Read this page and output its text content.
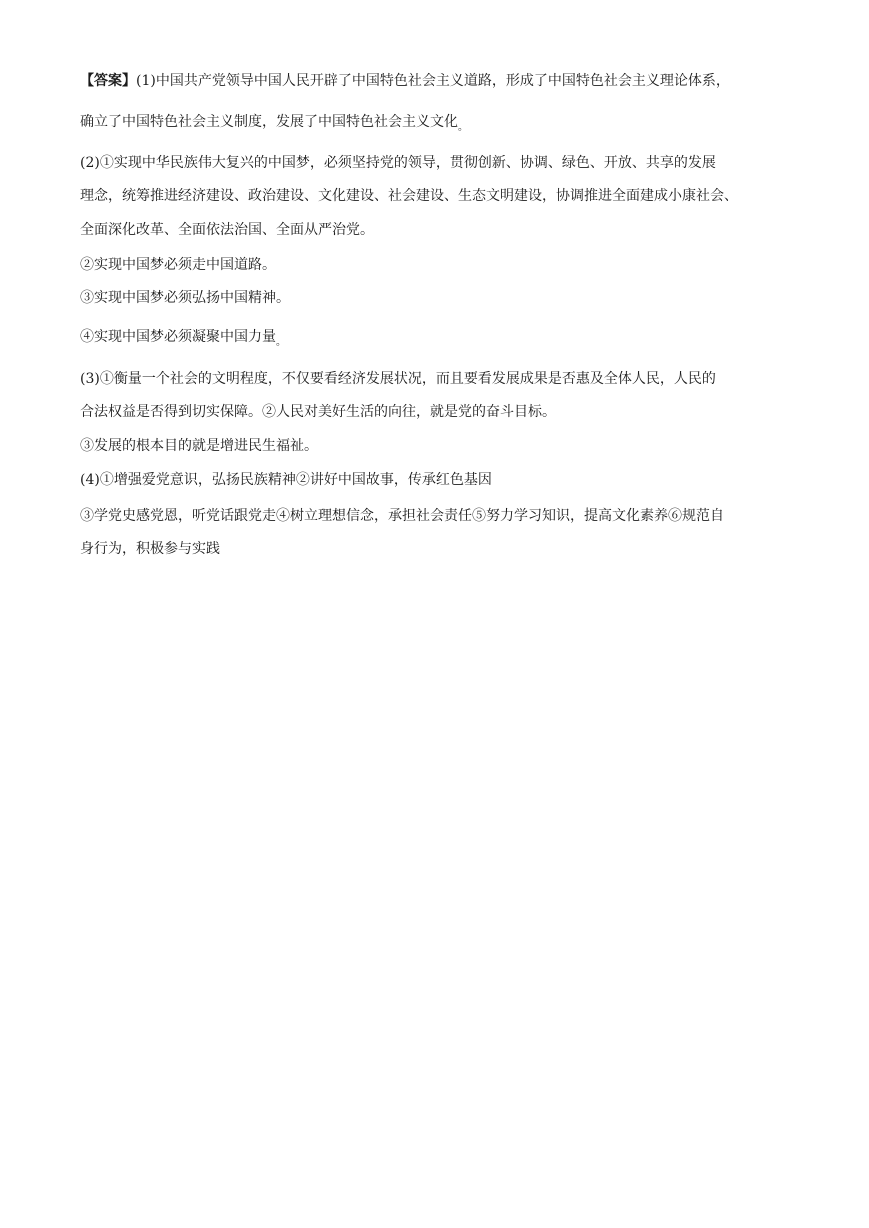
【答案】(1)中国共产党领导中国人民开辟了中国特色社会主义道路，形成了中国特色社会主义理论体系，
确立了中国特色社会主义制度，发展了中国特色社会主义文化$_。$
(2)①实现中华民族伟大复兴的中国梦，必须坚持党的领导，贯彻创新、协调、绿色、开放、共享的发展
理念，统筹推进经济建设、政治建设、文化建设、社会建设、生态文明建设，协调推进全面建成小康社会、
全面深化改革、全面依法治国、全面从严治党。
②实现中国梦必须走中国道路。
③实现中国梦必须弘扬中国精神。
④实现中国梦必须凝聚中国力量$_。$
(3)①衡量一个社会的文明程度，不仅要看经济发展状况，而且要看发展成果是否惠及全体人民，人民的
合法权益是否得到切实保障。②人民对美好生活的向往，就是党的奋斗目标。
③发展的根本目的就是增进民生福祉。
(4)①增强爱党意识，弘扬民族精神②讲好中国故事，传承红色基因
③学党史感党恩，听党话跟党走④树立理想信念，承担社会责任⑤努力学习知识，提高文化素养⑥规范自
身行为，积极参与实践
